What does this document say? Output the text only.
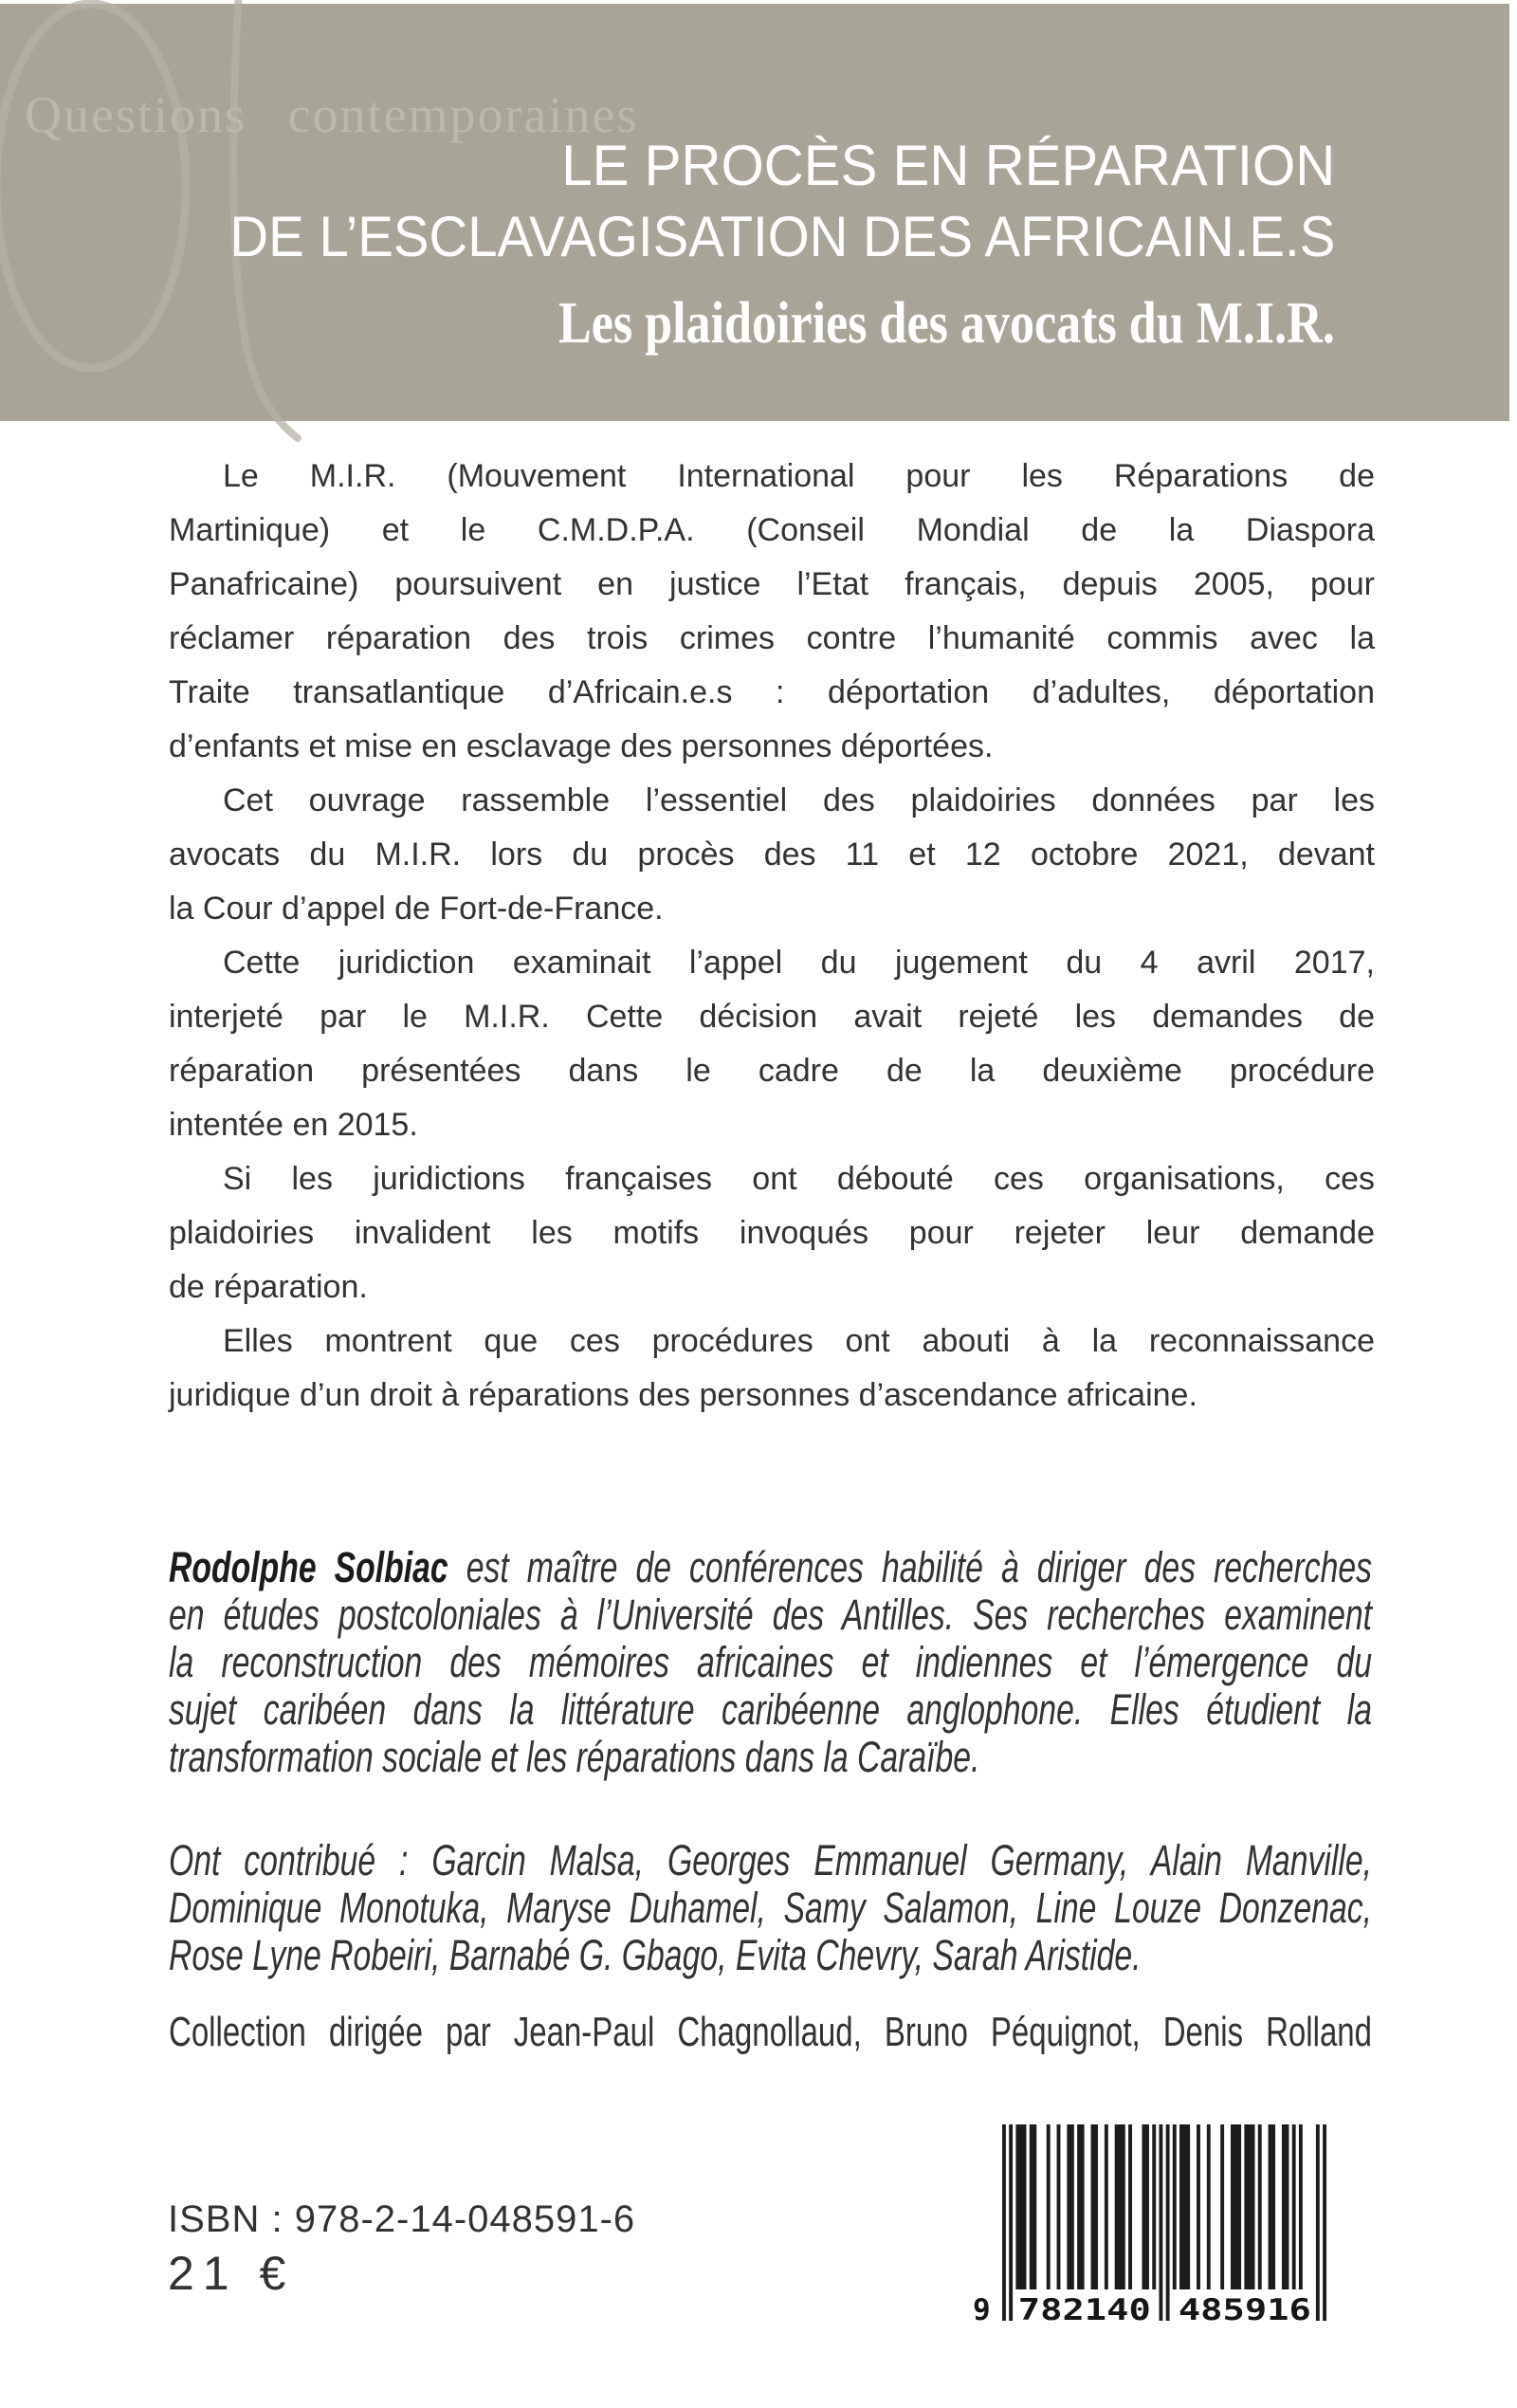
Questions contemporaines
LE PROCÈS EN RÉPARATION
DE L’ESCLAVAGISATION DES AFRICAIN.E.S
Les plaidoiries des avocats du M.I.R.
Le M.I.R. (Mouvement International pour les Réparations de
Martinique) et le C.M.D.P.A. (Conseil Mondial de la Diaspora
Panafricaine) poursuivent en justice l’Etat français, depuis 2005, pour
réclamer réparation des trois crimes contre l’humanité commis avec la
Traite transatlantique d’Africain.e.s : déportation d’adultes, déportation
d’enfants et mise en esclavage des personnes déportées.
Cet ouvrage rassemble l’essentiel des plaidoiries données par les
avocats du M.I.R. lors du procès des 11 et 12 octobre 2021, devant
la Cour d’appel de Fort-de-France.
Cette juridiction examinait l’appel du jugement du 4 avril 2017,
interjeté par le M.I.R. Cette décision avait rejeté les demandes de
réparation présentées dans le cadre de la deuxième procédure
intentée en 2015.
Si les juridictions françaises ont débouté ces organisations, ces
plaidoiries invalident les motifs invoqués pour rejeter leur demande
de réparation.
Elles montrent que ces procédures ont abouti à la reconnaissance
juridique d’un droit à réparations des personnes d’ascendance africaine.
Rodolphe Solbiac est maître de conférences habilité à diriger des recherches
en études postcoloniales à l’Université des Antilles. Ses recherches examinent
la reconstruction des mémoires africaines et indiennes et l’émergence du
sujet caribéen dans la littérature caribéenne anglophone. Elles étudient la
transformation sociale et les réparations dans la Caraïbe.
Ont contribué : Garcin Malsa, Georges Emmanuel Germany, Alain Manville,
Dominique Monotuka, Maryse Duhamel, Samy Salamon, Line Louze Donzenac,
Rose Lyne Robeiri, Barnabé G. Gbago, Evita Chevry, Sarah Aristide.
Collection dirigée par Jean-Paul Chagnollaud, Bruno Péquignot, Denis Rolland
ISBN : 978-2-14-048591-6
21 €
9 782140 485916
